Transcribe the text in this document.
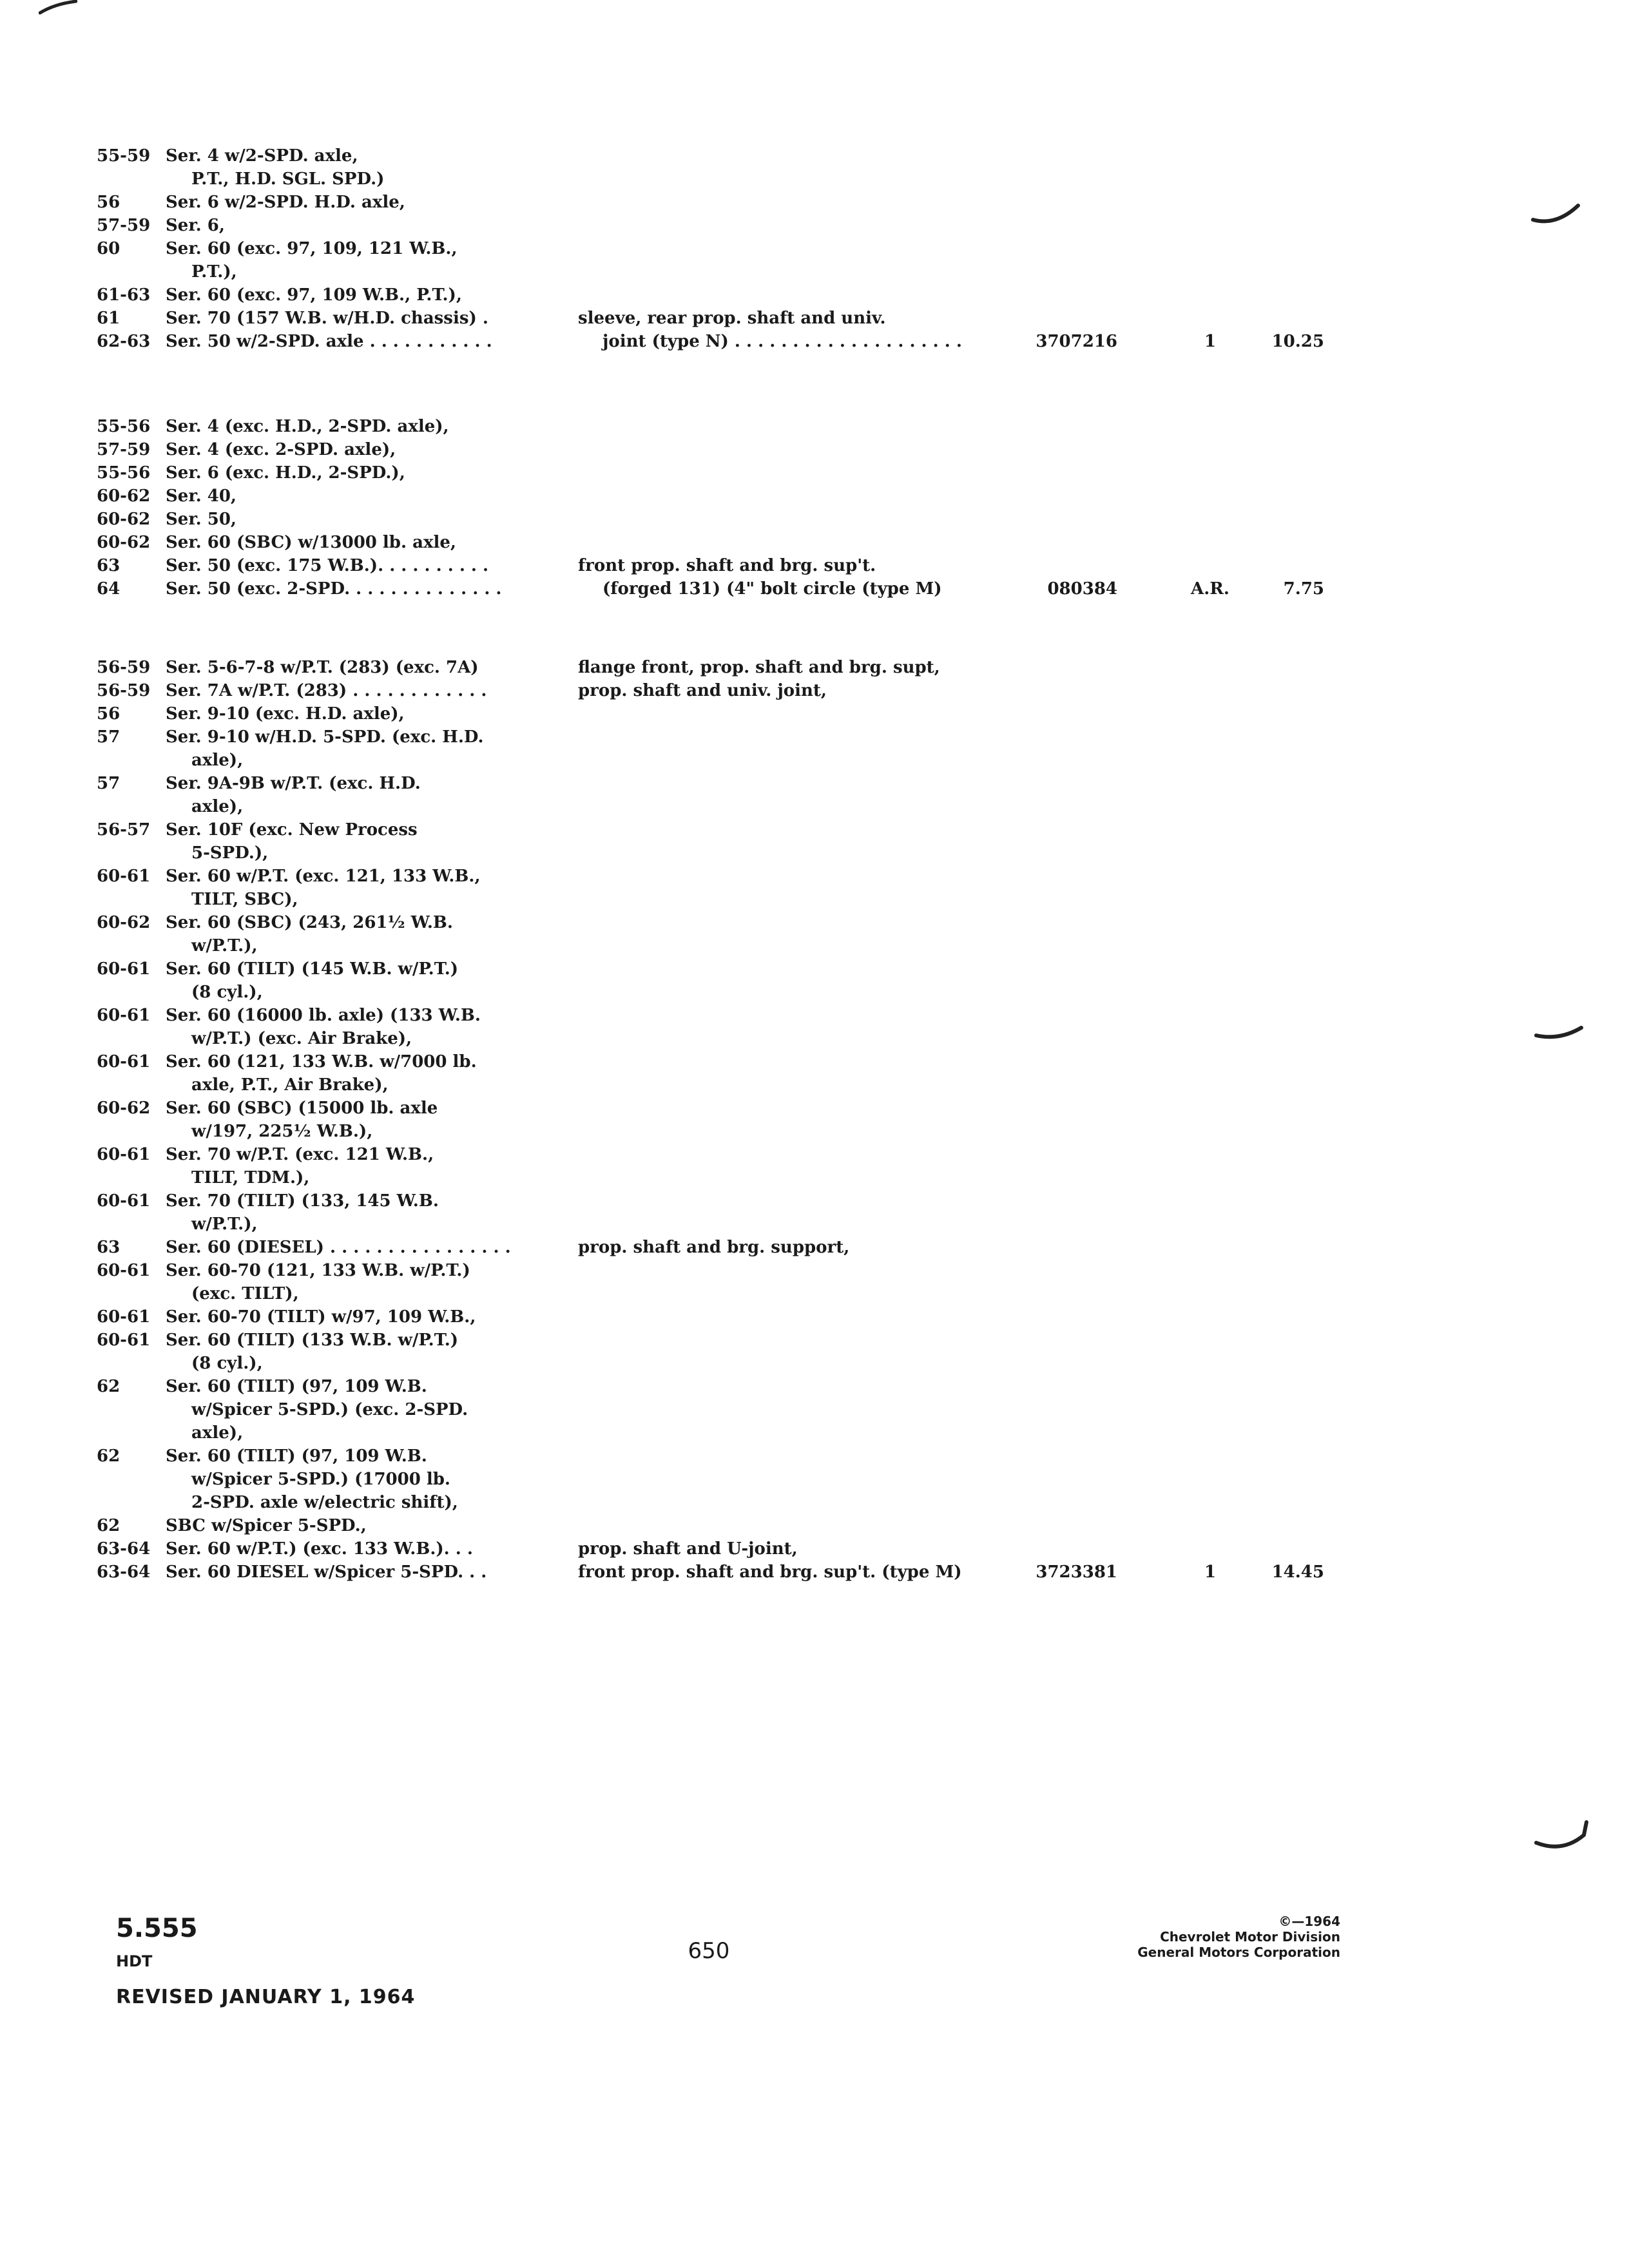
55-59 Ser. 4 w/2-SPD. axle,
P.T., H.D. SGL. SPD.)
56	Ser. 6 w/2-SPD. H.D. axle,
57-59 Ser. 6,
60	Ser. 60 (exc. 97, 109, 121 W.B.,
P.T.),
61-63 Ser. 60 (exc. 97, 109 W.B., P.T.),
61	Ser. 70 (157 W.B. w/H.D. chassis) .	sleeve, rear prop. shaft and univ.
62-63 Ser. 50 w/2-SPD. axle . . . . . . . . . . .	joint (type N) . . . . . . . . . . . . . . . . . . . .	3707216	1	10.25
55-56 Ser. 4 (exc. H.D., 2-SPD. axle),
57-59 Ser. 4 (exc. 2-SPD. axle),
55-56 Ser. 6 (exc. H.D., 2-SPD.),
60-62 Ser. 40,
60-62 Ser. 50,
60-62 Ser. 60 (SBC) w/13000 lb. axle,
63	Ser. 50 (exc. 175 W.B.). . . . . . . . . .	front prop. shaft and brg. sup't.
64	Ser. 50 (exc. 2-SPD. . . . . . . . . . . . . .	(forged 131) (4" bolt circle (type M)	080384	A.R.	7.75
56-59 Ser. 5-6-7-8 w/P.T. (283) (exc. 7A)	flange front, prop. shaft and brg. supt,
56-59 Ser. 7A w/P.T. (283) . . . . . . . . . . . .	prop. shaft and univ. joint,
56	Ser. 9-10 (exc. H.D. axle),
57	Ser. 9-10 w/H.D. 5-SPD. (exc. H.D.
axle),
57	Ser. 9A-9B w/P.T. (exc. H.D.
axle),
56-57 Ser. 10F (exc. New Process
5-SPD.),
60-61 Ser. 60 w/P.T. (exc. 121, 133 W.B.,
TILT, SBC),
60-62 Ser. 60 (SBC) (243, 261½ W.B.
w/P.T.),
60-61 Ser. 60 (TILT) (145 W.B. w/P.T.)
(8 cyl.),
60-61 Ser. 60 (16000 lb. axle) (133 W.B.
w/P.T.) (exc. Air Brake),
60-61 Ser. 60 (121, 133 W.B. w/7000 lb.
axle, P.T., Air Brake),
60-62 Ser. 60 (SBC) (15000 lb. axle
w/197, 225½ W.B.),
60-61 Ser. 70 w/P.T. (exc. 121 W.B.,
TILT, TDM.),
60-61 Ser. 70 (TILT) (133, 145 W.B.
w/P.T.),
63	Ser. 60 (DIESEL) . . . . . . . . . . . . . . . .	prop. shaft and brg. support,
60-61 Ser. 60-70 (121, 133 W.B. w/P.T.)
(exc. TILT),
60-61 Ser. 60-70 (TILT) w/97, 109 W.B.,
60-61 Ser. 60 (TILT) (133 W.B. w/P.T.)
(8 cyl.),
62	Ser. 60 (TILT) (97, 109 W.B.
w/Spicer 5-SPD.) (exc. 2-SPD.
axle),
62	Ser. 60 (TILT) (97, 109 W.B.
w/Spicer 5-SPD.) (17000 lb.
2-SPD. axle w/electric shift),
62	SBC w/Spicer 5-SPD.,
63-64 Ser. 60 w/P.T.) (exc. 133 W.B.). . .	prop. shaft and U-joint,
63-64 Ser. 60 DIESEL w/Spicer 5-SPD. . .	front prop. shaft and brg. sup't. (type M)	3723381	1	14.45
5.555
HDT
REVISED JANUARY 1, 1964
650
©—1964
Chevrolet Motor Division
General Motors Corporation
